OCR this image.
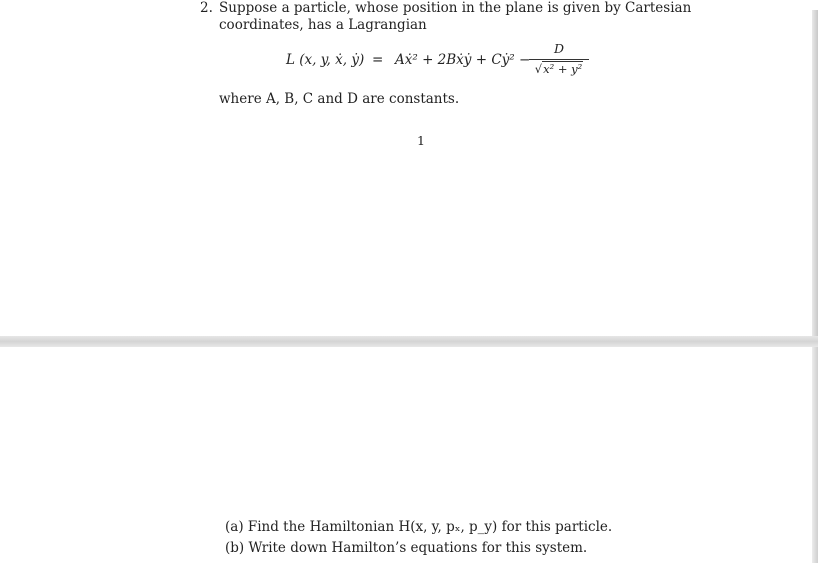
2. Suppose a particle, whose position in the plane is given by Cartesian
coordinates, has a Lagrangian
L (x, y, ẋ, ẏ) = Aẋ² + 2Bẋẏ + Cẏ² −
D
√x² + y²
where A, B, C and D are constants.
1
(a) Find the Hamiltonian H(x, y, pₓ, p_y) for this particle.
(b) Write down Hamilton’s equations for this system.
